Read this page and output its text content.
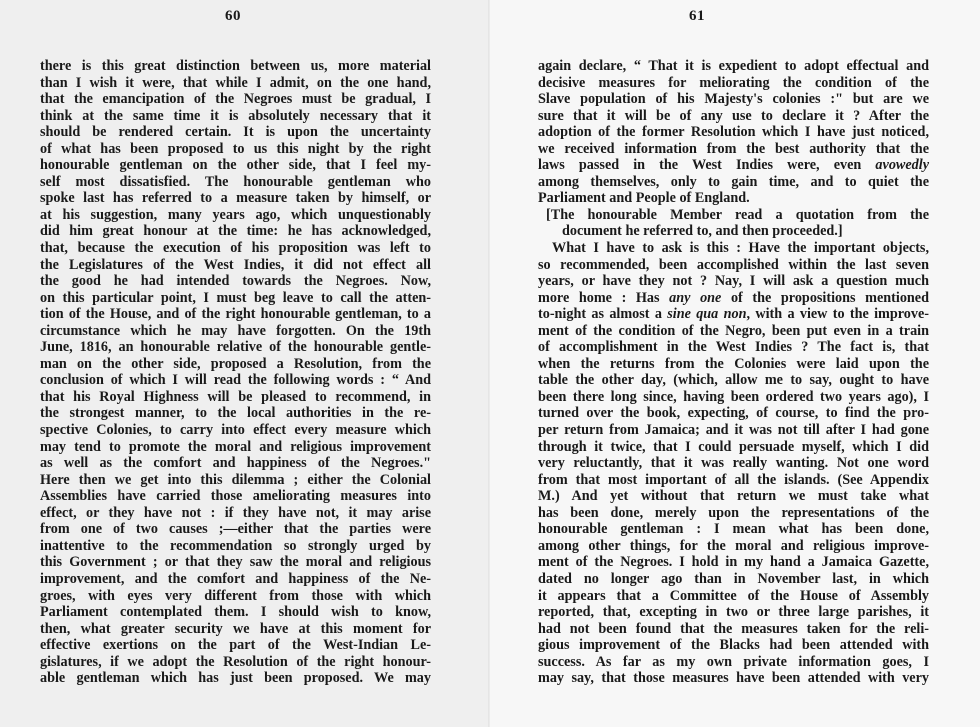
60
there is this great distinction between us, more material
than I wish it were, that while I admit, on the one hand,
that the emancipation of the Negroes must be gradual, I
think at the same time it is absolutely necessary that it
should be rendered certain. It is upon the uncertainty
of what has been proposed to us this night by the right
honourable gentleman on the other side, that I feel my-
self most dissatisfied. The honourable gentleman who
spoke last has referred to a measure taken by himself, or
at his suggestion, many years ago, which unquestionably
did him great honour at the time: he has acknowledged,
that, because the execution of his proposition was left to
the Legislatures of the West Indies, it did not effect all
the good he had intended towards the Negroes. Now,
on this particular point, I must beg leave to call the atten-
tion of the House, and of the right honourable gentleman, to a
circumstance which he may have forgotten. On the 19th
June, 1816, an honourable relative of the honourable gentle-
man on the other side, proposed a Resolution, from the
conclusion of which I will read the following words : “ And
that his Royal Highness will be pleased to recommend, in
the strongest manner, to the local authorities in the re-
spective Colonies, to carry into effect every measure which
may tend to promote the moral and religious improvement
as well as the comfort and happiness of the Negroes."
Here then we get into this dilemma ; either the Colonial
Assemblies have carried those ameliorating measures into
effect, or they have not : if they have not, it may arise
from one of two causes ;—either that the parties were
inattentive to the recommendation so strongly urged by
this Government ; or that they saw the moral and religious
improvement, and the comfort and happiness of the Ne-
groes, with eyes very different from those with which
Parliament contemplated them. I should wish to know,
then, what greater security we have at this moment for
effective exertions on the part of the West-Indian Le-
gislatures, if we adopt the Resolution of the right honour-
able gentleman which has just been proposed. We may
61
again declare, “ That it is expedient to adopt effectual and
decisive measures for meliorating the condition of the
Slave population of his Majesty's colonies :" but are we
sure that it will be of any use to declare it ? After the
adoption of the former Resolution which I have just noticed,
we received information from the best authority that the
laws passed in the West Indies were, even avowedly
among themselves, only to gain time, and to quiet the
Parliament and People of England.
[The honourable Member read a quotation from the
document he referred to, and then proceeded.]
What I have to ask is this : Have the important objects,
so recommended, been accomplished within the last seven
years, or have they not ? Nay, I will ask a question much
more home : Has any one of the propositions mentioned
to-night as almost a sine qua non, with a view to the improve-
ment of the condition of the Negro, been put even in a train
of accomplishment in the West Indies ? The fact is, that
when the returns from the Colonies were laid upon the
table the other day, (which, allow me to say, ought to have
been there long since, having been ordered two years ago), I
turned over the book, expecting, of course, to find the pro-
per return from Jamaica; and it was not till after I had gone
through it twice, that I could persuade myself, which I did
very reluctantly, that it was really wanting. Not one word
from that most important of all the islands. (See Appendix
M.) And yet without that return we must take what
has been done, merely upon the representations of the
honourable gentleman : I mean what has been done,
among other things, for the moral and religious improve-
ment of the Negroes. I hold in my hand a Jamaica Gazette,
dated no longer ago than in November last, in which
it appears that a Committee of the House of Assembly
reported, that, excepting in two or three large parishes, it
had not been found that the measures taken for the reli-
gious improvement of the Blacks had been attended with
success. As far as my own private information goes, I
may say, that those measures have been attended with very
